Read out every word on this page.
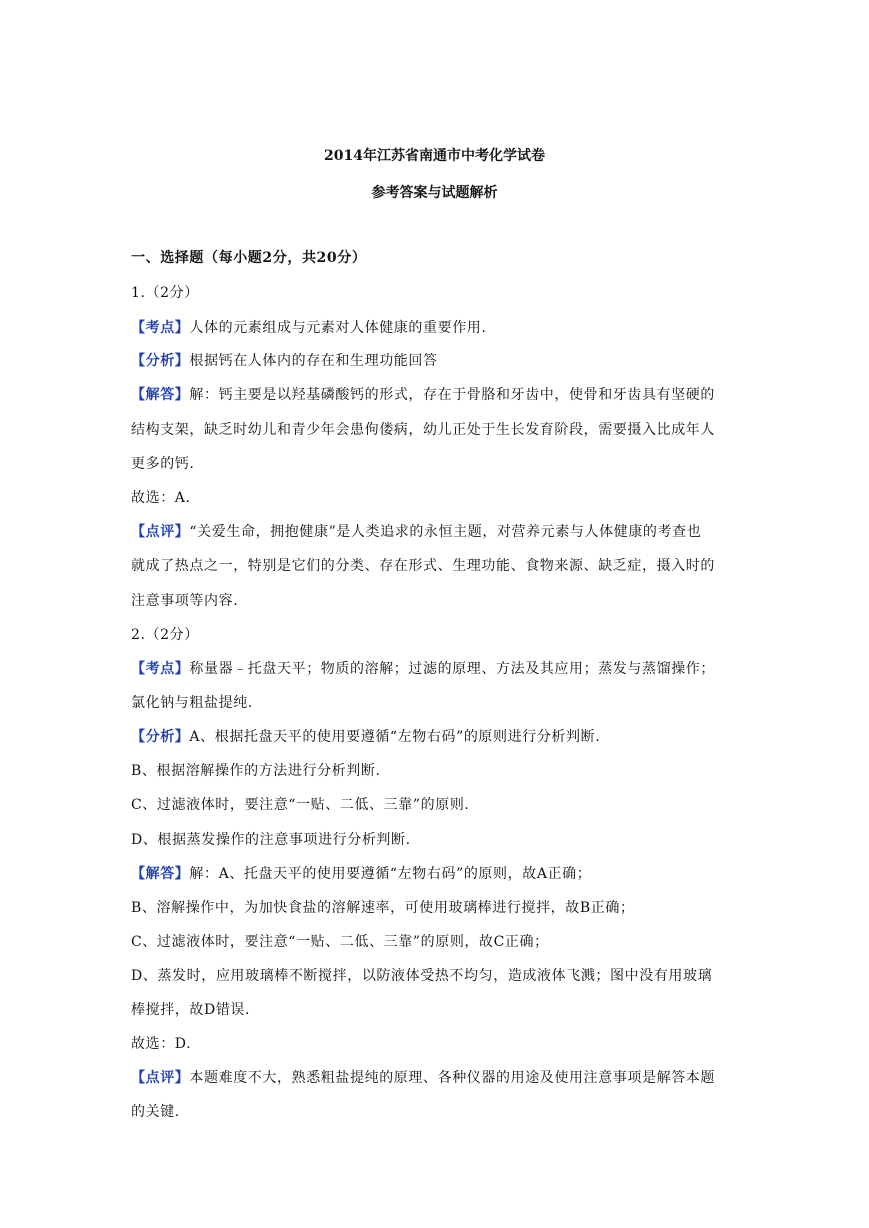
2014年江苏省南通市中考化学试卷
参考答案与试题解析
一、选择题（每小题2分，共20分）
1.（2分）
【考点】人体的元素组成与元素对人体健康的重要作用.
【分析】根据钙在人体内的存在和生理功能回答
【解答】解：钙主要是以羟基磷酸钙的形式，存在于骨胳和牙齿中，使骨和牙齿具有坚硬的
结构支架，缺乏时幼儿和青少年会患佝偻病，幼儿正处于生长发育阶段，需要摄入比成年人
更多的钙.
故选：A.
【点评】“关爱生命，拥抱健康”是人类追求的永恒主题，对营养元素与人体健康的考查也
就成了热点之一，特别是它们的分类、存在形式、生理功能、食物来源、缺乏症，摄入时的
注意事项等内容.
2.（2分）
【考点】称量器﹣托盘天平；物质的溶解；过滤的原理、方法及其应用；蒸发与蒸馏操作；
氯化钠与粗盐提纯.
【分析】A、根据托盘天平的使用要遵循“左物右码”的原则进行分析判断.
B、根据溶解操作的方法进行分析判断.
C、过滤液体时，要注意“一贴、二低、三靠”的原则.
D、根据蒸发操作的注意事项进行分析判断.
【解答】解：A、托盘天平的使用要遵循“左物右码”的原则，故A正确；
B、溶解操作中，为加快食盐的溶解速率，可使用玻璃棒进行搅拌，故B正确；
C、过滤液体时，要注意“一贴、二低、三靠”的原则，故C正确；
D、蒸发时，应用玻璃棒不断搅拌，以防液体受热不均匀，造成液体飞溅；图中没有用玻璃
棒搅拌，故D错误.
故选：D.
【点评】本题难度不大，熟悉粗盐提纯的原理、各种仪器的用途及使用注意事项是解答本题
的关键.
